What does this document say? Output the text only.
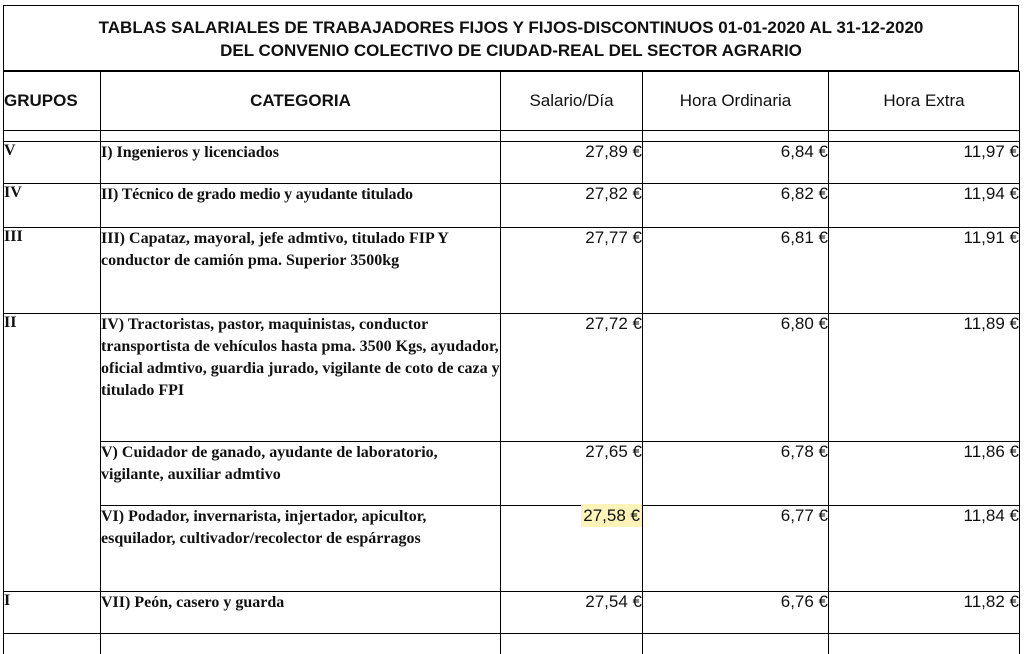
TABLAS SALARIALES DE TRABAJADORES FIJOS Y FIJOS-DISCONTINUOS 01-01-2020 AL 31-12-2020
DEL CONVENIO COLECTIVO DE CIUDAD-REAL DEL SECTOR AGRARIO
GRUPOS	CATEGORIA	Salario/Día	Hora Ordinaria	Hora Extra

V	I) Ingenieros y licenciados	27,89 €	6,84 €	11,97 €
IV	II) Técnico de grado medio y ayudante titulado	27,82 €	6,82 €	11,94 €
III	III) Capataz, mayoral, jefe admtivo, titulado FIP Y conductor de camión pma. Superior 3500kg	27,77 €	6,81 €	11,91 €
II	IV) Tractoristas, pastor, maquinistas, conductor transportista de vehículos hasta pma. 3500 Kgs, ayudador, oficial admtivo, guardia jurado, vigilante de coto de caza y titulado FPI	27,72 €	6,80 €	11,89 €
	V) Cuidador de ganado, ayudante de laboratorio, vigilante, auxiliar admtivo	27,65 €	6,78 €	11,86 €
	VI) Podador, invernarista, injertador, apicultor, esquilador, cultivador/recolector de espárragos	27,58 €	6,77 €	11,84 €
I	VII) Peón, casero y guarda	27,54 €	6,76 €	11,82 €
